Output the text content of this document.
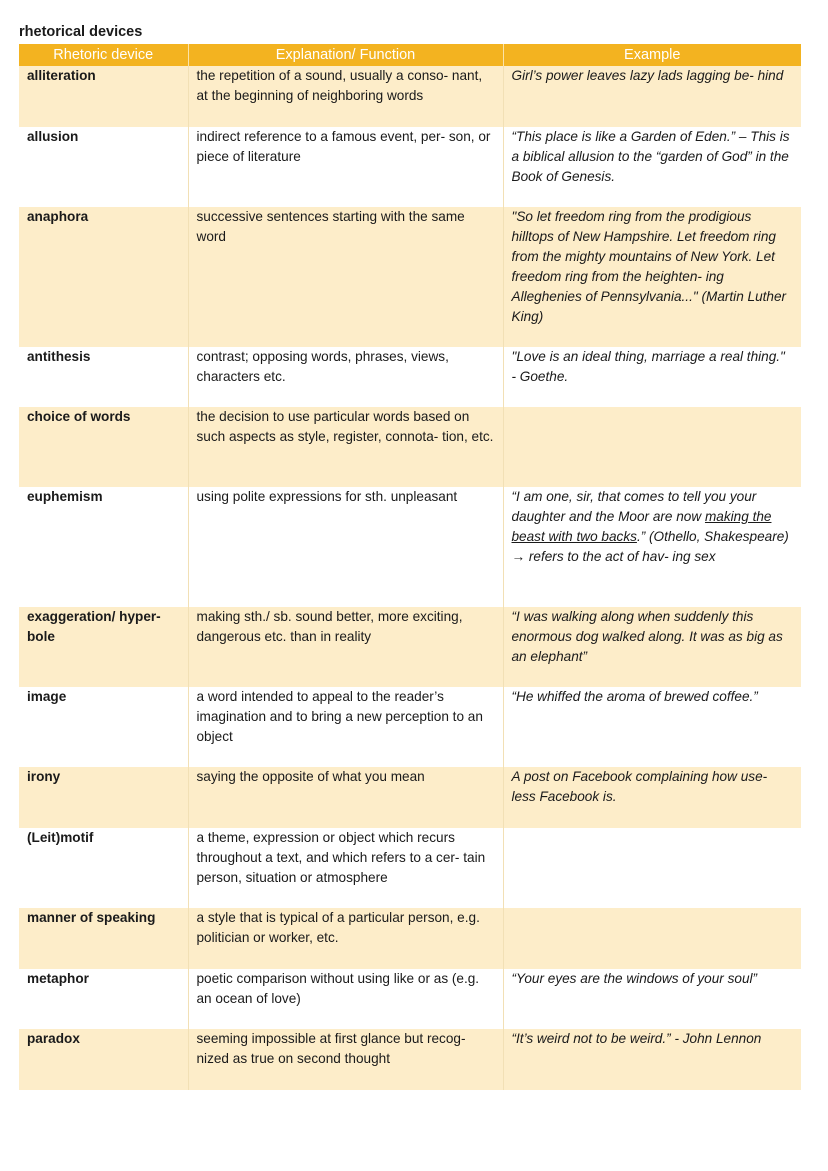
rhetorical devices
Rhetoric device	Explanation/ Function	Example
alliteration	the repetition of a sound, usually a conso- nant, at the beginning of neighboring words	Girl’s power leaves lazy lads lagging be- hind
allusion	indirect reference to a famous event, per- son, or piece of literature	“This place is like a Garden of Eden.” – This is a biblical allusion to the “garden of God” in the Book of Genesis.
anaphora	successive sentences starting with the same word	"So let freedom ring from the prodigious hilltops of New Hampshire. Let freedom ring from the mighty mountains of New York. Let freedom ring from the heighten- ing Alleghenies of Pennsylvania..." (Martin Luther King)
antithesis	contrast; opposing words, phrases, views, characters etc.	"Love is an ideal thing, marriage a real thing." - Goethe.
choice of words	the decision to use particular words based on such aspects as style, register, connota- tion, etc.	
euphemism	using polite expressions for sth. unpleasant	“I am one, sir, that comes to tell you your daughter and the Moor are now making the beast with two backs.” (Othello, Shakespeare) → refers to the act of hav- ing sex
exaggeration/ hyper- bole	making sth./ sb. sound better, more exciting, dangerous etc. than in reality	“I was walking along when suddenly this enormous dog walked along. It was as big as an elephant”
image	a word intended to appeal to the reader’s imagination and to bring a new perception to an object	“He whiffed the aroma of brewed coffee.”
irony	saying the opposite of what you mean	A post on Facebook complaining how use- less Facebook is.
(Leit)motif	a theme, expression or object which recurs throughout a text, and which refers to a cer- tain person, situation or atmosphere	
manner of speaking	a style that is typical of a particular person, e.g. politician or worker, etc.	
metaphor	poetic comparison without using like or as (e.g. an ocean of love)	“Your eyes are the windows of your soul”
paradox	seeming impossible at first glance but recog- nized as true on second thought	“It’s weird not to be weird.” - John Lennon
